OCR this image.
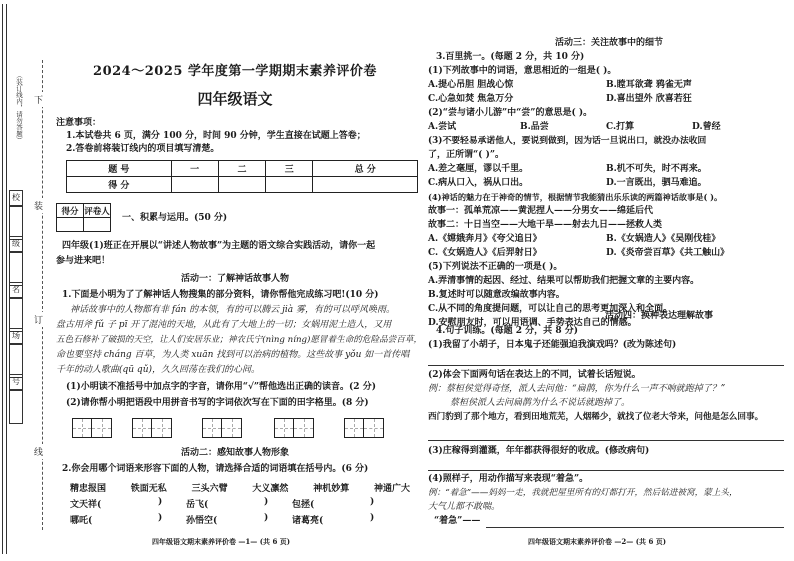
（装订线内，请勿答题）
校
级
名
场
号
下
装
订
线
2024～2025 学年度第一学期期末素养评价卷
四年级语文
注意事项：
1.本试卷共 6 页，满分 100 分，时间 90 分钟，学生直接在试题上答卷；
2.答卷前将装订线内的项目填写清楚。
题 号	一	二	三	总 分
得 分				
得分	评卷人

一、积累与运用。(50 分)
四年级(1)班正在开展以“讲述人物故事”为主题的语文综合实践活动，请你一起
参与进来吧！
活动一：了解神话故事人物
1.下面是小明为了了解神话人物搜集的部分资料，请你帮他完成练习吧!(10 分)
神话故事中的人物都有非 fán 的本领，有的可以腾云 jià 雾，有的可以呼风唤雨。
盘古用斧 fǔ 子 pī 开了混沌的天地，从此有了大地上的一切；女娲用泥土造人，又用
五色石修补了破损的天空，让人们安居乐业；神农氏宁(nìng níng)愿冒着生命的危险品尝百草，
命也要坚持 cháng 百草，为人类 xuān 找到可以治病的植物。这些故事 yǒu 如一首传唱
千年的动人歌曲(qū qǔ)，久久回荡在我们的心间。
(1)小明读不准括号中加点字的字音，请你用“√”帮他选出正确的读音。(2 分)
(2)请你帮小明把语段中用拼音书写的字词依次写在下面的田字格里。(8 分)
活动二：感知故事人物形象
2.你会用哪个词语来形容下面的人物，请选择合适的词语填在括号内。(6 分)
精忠报国	铁面无私	三头六臂	大义凛然	神机妙算	神通广大
文天祥(	)	岳飞(	)	包拯(	)
哪吒(	)	孙悟空(	)	诸葛亮(	)
四年级语文期末素养评价卷 —1— (共 6 页)
活动三：关注故事中的细节
3.百里挑一。(每题 2 分，共 10 分)
(1)下列故事中的词语，意思相近的一组是( )。
A.提心吊胆 胆战心惊	B.瞠耳欲聋 鸦雀无声
C.心急如焚 焦急万分	D.喜出望外 欣喜若狂
(2)“尝与诸小儿游”中“尝”的意思是( )。
A.尝试	B.品尝	C.打算	D.曾经
(3)不要轻易承诺他人，要说到做到，因为话一旦说出口，就没办法收回
了，正所谓“( )”。
A.差之毫厘，谬以千里。	B.机不可失，时不再来。
C.病从口入，祸从口出。	D.一言既出，驷马难追。
(4)神话的魅力在于神奇的情节，根据情节我能猜出乐乐读的两篇神话故事是( )。
故事一：孤单荒凉——黄泥捏人——分男女——绵延后代
故事二：十日当空——大地干旱——射去九日——拯救人类
A.《嫦娥奔月》《夸父追日》	B.《女娲造人》《吴刚伐桂》
C.《女娲造人》《后羿射日》	D.《炎帝尝百草》《共工触山》
(5)下列说法不正确的一项是( )。
A.弄清事情的起因、经过、结果可以帮助我们把握文章的主要内容。
B.复述时可以随意改编故事内容。
C.从不同的角度提问题，可以让自己的思考更加深入和全面。
D.安慰朋友时，可以用语调、手势表达自己的情感。
活动四：换种表达理解故事
4.句子训练。(每题 2 分，共 8 分)
(1)我留了小胡子，日本鬼子还能强迫我演戏吗？(改为陈述句)
(2)体会下面两句话在表达上的不同，试着长话短说。
例：蔡桓侯觉得奇怪，派人去问他：“扁鹊，你为什么一声不响就跑掉了？”
蔡桓侯派人去问扁鹊为什么不说话就跑掉了。
西门豹到了那个地方，看到田地荒芜，人烟稀少，就找了位老大爷来，问他是怎么回事。
(3)庄稼得到灌溉，年年都获得很好的收成。(修改病句)
(4)照样子，用动作描写来表现“着急”。
例：“着急”——妈妈一走，我就把屋里所有的灯都打开，然后钻进被窝，蒙上头，
大气儿都不敢喘。
“着急”——
四年级语文期末素养评价卷 —2— (共 6 页)
